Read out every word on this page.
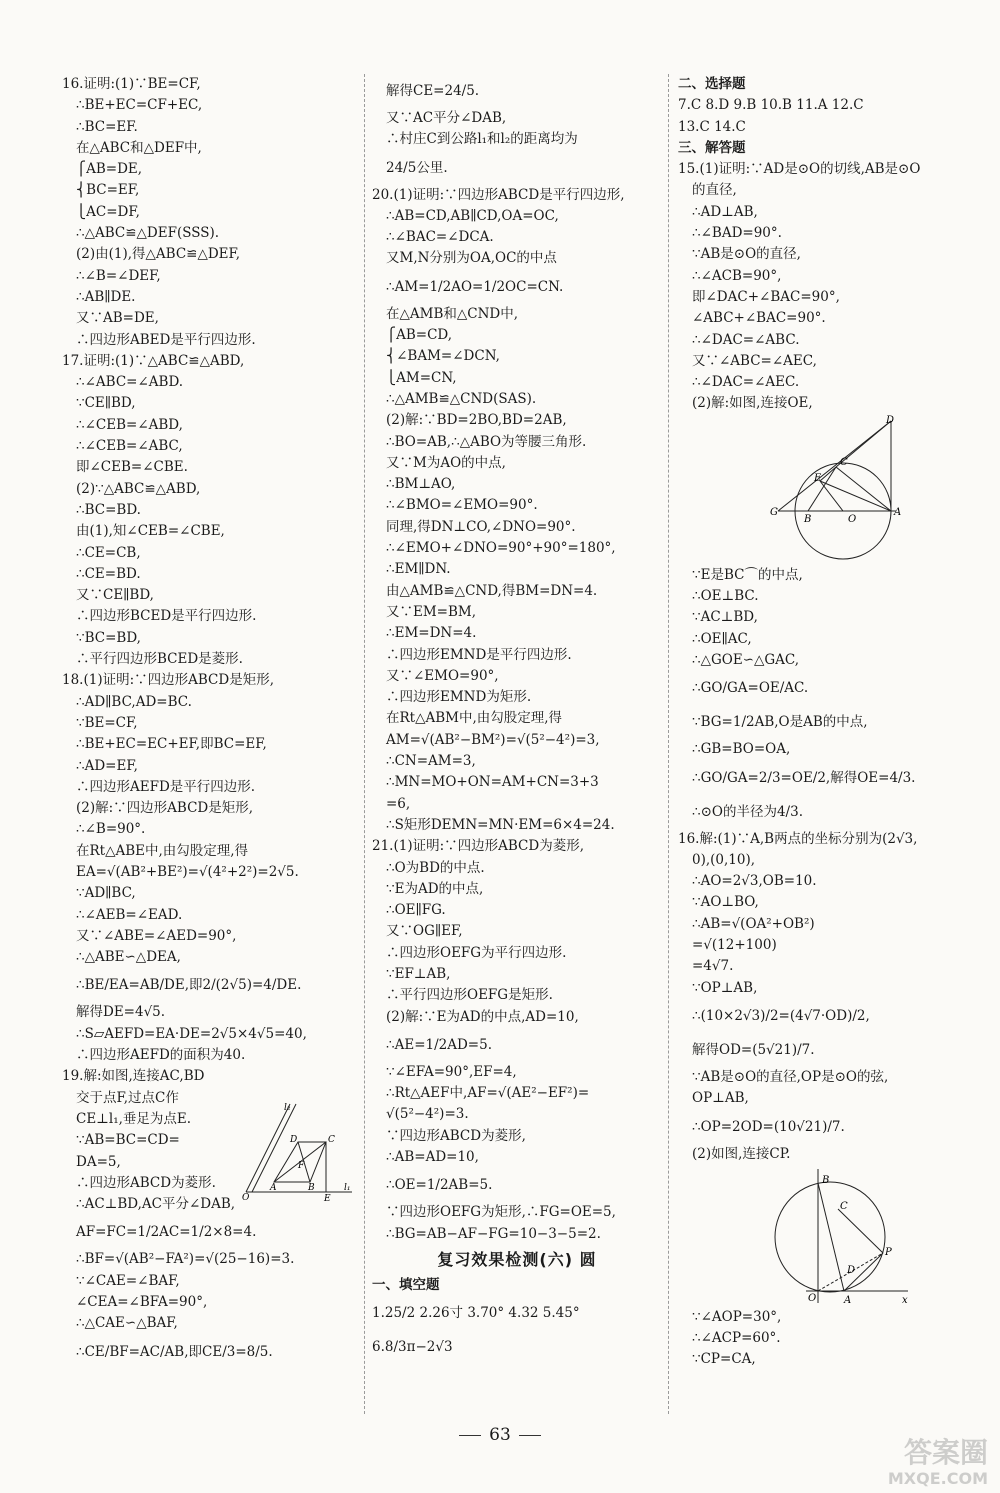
16.证明:(1)∵BE=CF,
∴BE+EC=CF+EC,
∴BC=EF.
在△ABC和△DEF中,
⎧AB=DE,
⎨BC=EF,
⎩AC=DF,
∴△ABC≌△DEF(SSS).
(2)由(1),得△ABC≌△DEF,
∴∠B=∠DEF,
∴AB∥DE.
又∵AB=DE,
∴四边形ABED是平行四边形.
17.证明:(1)∵△ABC≌△ABD,
∴∠ABC=∠ABD.
∵CE∥BD,
∴∠CEB=∠ABD,
∴∠CEB=∠ABC,
即∠CEB=∠CBE.
(2)∵△ABC≌△ABD,
∴BC=BD.
由(1),知∠CEB=∠CBE,
∴CE=CB,
∴CE=BD.
又∵CE∥BD,
∴四边形BCED是平行四边形.
∵BC=BD,
∴平行四边形BCED是菱形.
18.(1)证明:∵四边形ABCD是矩形,
∴AD∥BC,AD=BC.
∵BE=CF,
∴BE+EC=EC+EF,即BC=EF,
∴AD=EF,
∴四边形AEFD是平行四边形.
(2)解:∵四边形ABCD是矩形,
∴∠B=90°.
在Rt△ABE中,由勾股定理,得
EA=√(AB²+BE²)=√(4²+2²)=2√5.
∵AD∥BC,
∴∠AEB=∠EAD.
又∵∠ABE=∠AED=90°,
∴△ABE∽△DEA,
∴BE/EA=AB/DE,即2/(2√5)=4/DE.
解得DE=4√5.
∴S▱AEFD=EA·DE=2√5×4√5=40,
∴四边形AEFD的面积为40.
19.解:如图,连接AC,BD
交于点F,过点C作
CE⊥l₁,垂足为点E.
∵AB=BC=CD=
DA=5,
∴四边形ABCD为菱形.
∴AC⊥BD,AC平分∠DAB,
AF=FC=1/2AC=1/2×8=4.
∴BF=√(AB²−FA²)=√(25−16)=3.
∵∠CAE=∠BAF,
∠CEA=∠BFA=90°,
∴△CAE∽△BAF,
∴CE/BF=AC/AB,即CE/3=8/5.
解得CE=24/5.
又∵AC平分∠DAB,
∴村庄C到公路l₁和l₂的距离均为
24/5公里.
20.(1)证明:∵四边形ABCD是平行四边形,
∴AB=CD,AB∥CD,OA=OC,
∴∠BAC=∠DCA.
又M,N分别为OA,OC的中点
∴AM=1/2AO=1/2OC=CN.
在△AMB和△CND中,
⎧AB=CD,
⎨∠BAM=∠DCN,
⎩AM=CN,
∴△AMB≌△CND(SAS).
(2)解:∵BD=2BO,BD=2AB,
∴BO=AB,∴△ABO为等腰三角形.
又∵M为AO的中点,
∴BM⊥AO,
∴∠BMO=∠EMO=90°.
同理,得DN⊥CO,∠DNO=90°.
∴∠EMO+∠DNO=90°+90°=180°,
∴EM∥DN.
由△AMB≌△CND,得BM=DN=4.
又∵EM=BM,
∴EM=DN=4.
∴四边形EMND是平行四边形.
又∵∠EMO=90°,
∴四边形EMND为矩形.
在Rt△ABM中,由勾股定理,得
AM=√(AB²−BM²)=√(5²−4²)=3,
∴CN=AM=3,
∴MN=MO+ON=AM+CN=3+3
=6,
∴S矩形DEMN=MN·EM=6×4=24.
21.(1)证明:∵四边形ABCD为菱形,
∴O为BD的中点.
∵E为AD的中点,
∴OE∥FG.
又∵OG∥EF,
∴四边形OEFG为平行四边形.
∵EF⊥AB,
∴平行四边形OEFG是矩形.
(2)解:∵E为AD的中点,AD=10,
∴AE=1/2AD=5.
∵∠EFA=90°,EF=4,
∴Rt△AEF中,AF=√(AE²−EF²)=
√(5²−4²)=3.
∵四边形ABCD为菱形,
∴AB=AD=10,
∴OE=1/2AB=5.
∵四边形OEFG为矩形,∴FG=OE=5,
∴BG=AB−AF−FG=10−3−5=2.
复习效果检测(六) 圆
一、填空题
1.25/2 2.26寸 3.70° 4.32 5.45°
6.8/3π−2√3
二、选择题
7.C 8.D 9.B 10.B 11.A 12.C
13.C 14.C
三、解答题
15.(1)证明:∵AD是⊙O的切线,AB是⊙O
的直径,
∴AD⊥AB,
∴∠BAD=90°.
∵AB是⊙O的直径,
∴∠ACB=90°,
即∠DAC+∠BAC=90°,
∠ABC+∠BAC=90°.
∴∠DAC=∠ABC.
又∵∠ABC=∠AEC,
∴∠DAC=∠AEC.
(2)解:如图,连接OE,
D
C
E
G
B	O
A
∵E是BC⌒的中点,
∴OE⊥BC.
∵AC⊥BD,
∴OE∥AC,
∴△GOE∽△GAC,
∴GO/GA=OE/AC.
∵BG=1/2AB,O是AB的中点,
∴GB=BO=OA,
∴GO/GA=2/3=OE/2,解得OE=4/3.
∴⊙O的半径为4/3.
16.解:(1)∵A,B两点的坐标分别为(2√3,
0),(0,10),
∴AO=2√3,OB=10.
∵AO⊥BO,
∴AB=√(OA²+OB²)
=√(12+100)
=4√7.
∵OP⊥AB,
∴(10×2√3)/2=(4√7·OD)/2,
解得OD=(5√21)/7.
∵AB是⊙O的直径,OP是⊙O的弦,
OP⊥AB,
∴OP=2OD=(10√21)/7.
(2)如图,连接CP.
B
C
P
D
O	A	x
∵∠AOP=30°,
∴∠ACP=60°.
∵CP=CA,
l₂
l₁
C
D
F
O
A	B
E
63
答案圈
MXQE.COM
